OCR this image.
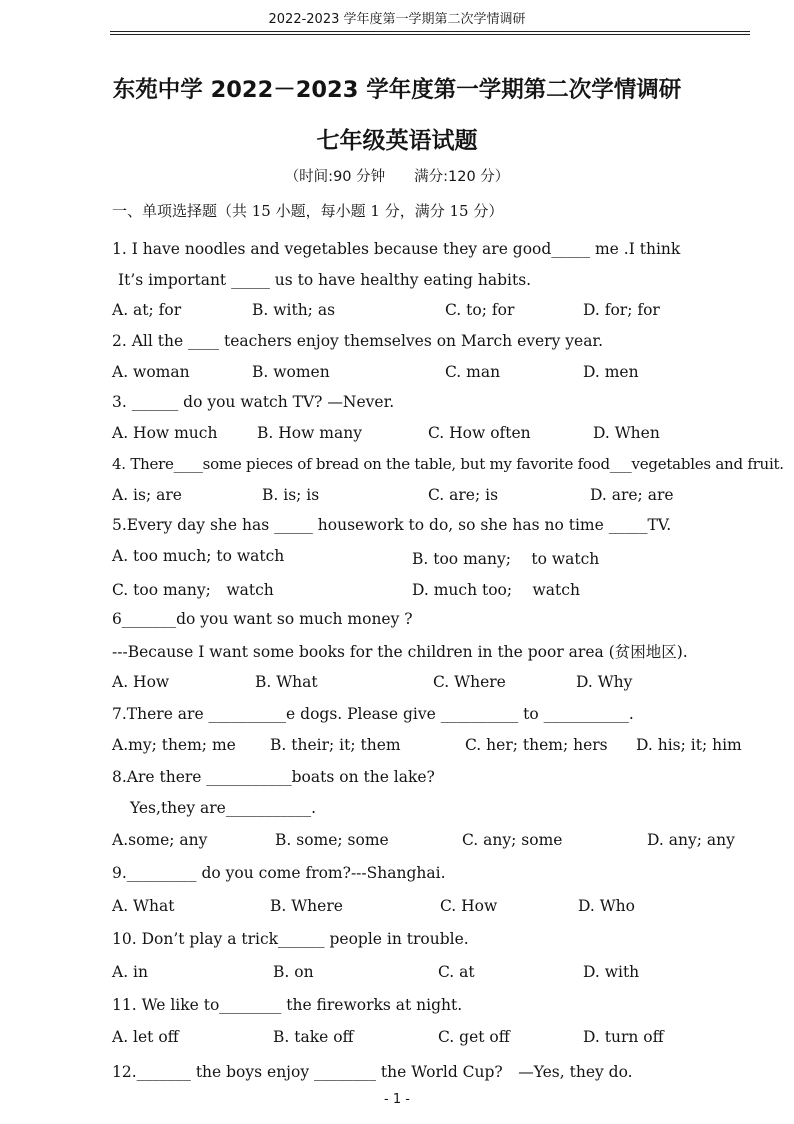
2022-2023 学年度第一学期第二次学情调研
东苑中学 2022－2023 学年度第一学期第二次学情调研
七年级英语试题
（时间:90 分钟　　满分:120 分）
一、单项选择题（共 15 小题，每小题 1 分，满分 15 分）
1. I have noodles and vegetables because they are good_____ me .I think
It’s important _____ us to have healthy eating habits.
A. at; for	B. with; as	C. to; for	D. for; for
2. All the ____ teachers enjoy themselves on March every year.
A. woman	B. women	C. man	D. men
3. ______ do you watch TV? —Never.
A. How much	B. How many	C. How often	D. When
4. There____some pieces of bread on the table, but my favorite food___vegetables and fruit.
A. is; are	B. is; is	C. are; is	D. are; are
5.Every day she has _____ housework to do, so she has no time _____TV.
A. too much; to watch	B. too many;　 to watch
C. too many;　watch	D. much too;　 watch
6_______do you want so much money ?
---Because I want some books for the children in the poor area (贫困地区).
A. How	B. What	C. Where	D. Why
7.There are __________e dogs. Please give __________ to ___________.
A.my; them; me B. their; it; them	C. her; them; hers D. his; it; him
8.Are there ___________boats on the lake?
Yes,they are___________.
A.some; any	B. some; some	C. any; some	D. any; any
9._________ do you come from?---Shanghai.
A. What	B. Where	C. How	D. Who
10. Don’t play a trick______ people in trouble.
A. in	B. on	C. at	D. with
11. We like to________ the fireworks at night.
A. let off	B. take off	C. get off	D. turn off
12._______ the boys enjoy ________ the World Cup?　—Yes, they do.
- 1 -
